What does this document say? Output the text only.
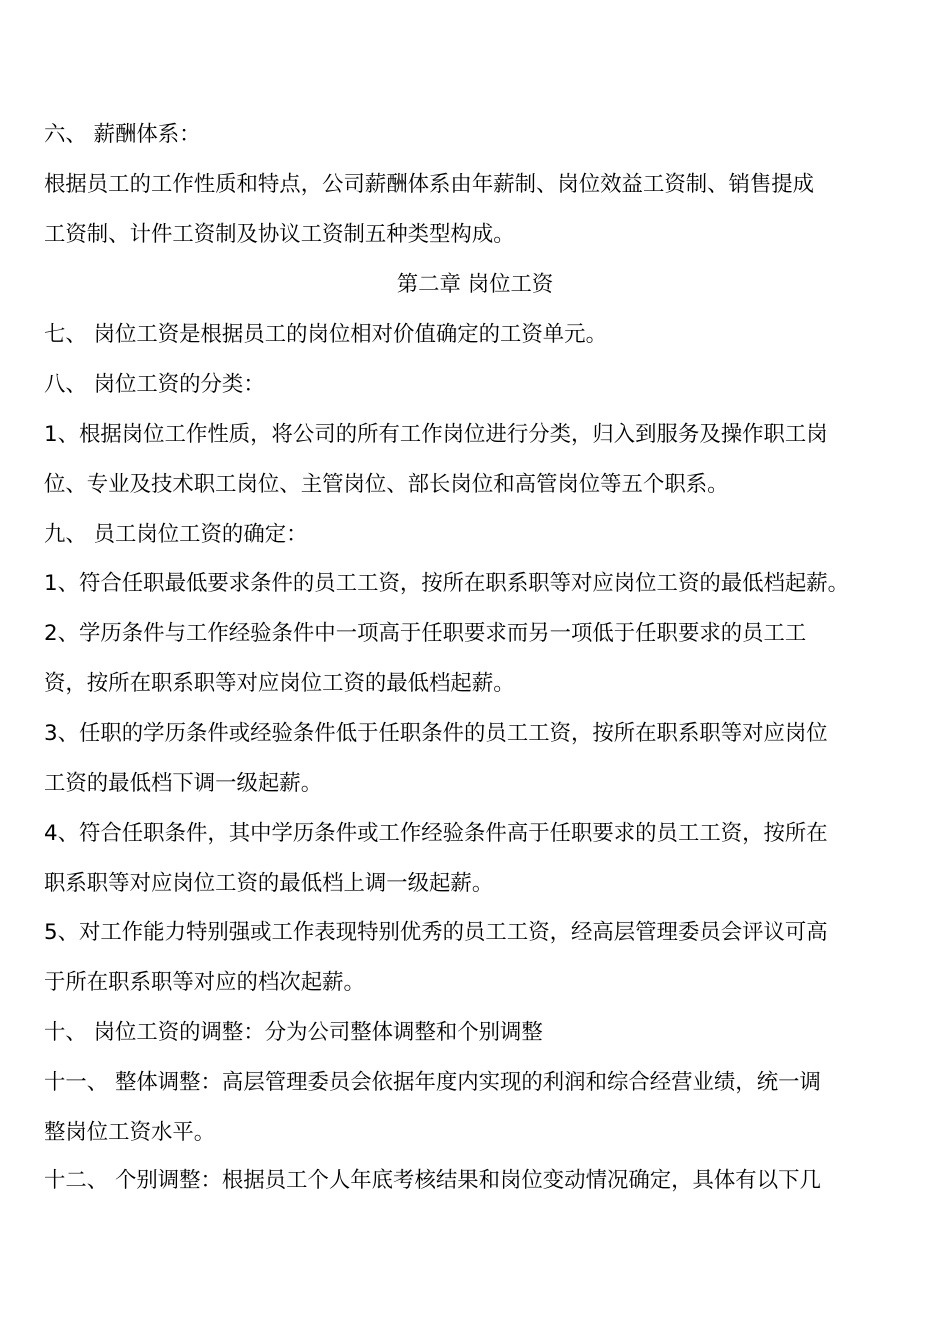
六、 薪酬体系：
根据员工的工作性质和特点，公司薪酬体系由年薪制、岗位效益工资制、销售提成
工资制、计件工资制及协议工资制五种类型构成。
第二章 岗位工资
七、 岗位工资是根据员工的岗位相对价值确定的工资单元。
八、 岗位工资的分类：
1、根据岗位工作性质，将公司的所有工作岗位进行分类，归入到服务及操作职工岗
位、专业及技术职工岗位、主管岗位、部长岗位和高管岗位等五个职系。
九、 员工岗位工资的确定：
1、符合任职最低要求条件的员工工资，按所在职系职等对应岗位工资的最低档起薪。
2、学历条件与工作经验条件中一项高于任职要求而另一项低于任职要求的员工工
资，按所在职系职等对应岗位工资的最低档起薪。
3、任职的学历条件或经验条件低于任职条件的员工工资，按所在职系职等对应岗位
工资的最低档下调一级起薪。
4、符合任职条件，其中学历条件或工作经验条件高于任职要求的员工工资，按所在
职系职等对应岗位工资的最低档上调一级起薪。
5、对工作能力特别强或工作表现特别优秀的员工工资，经高层管理委员会评议可高
于所在职系职等对应的档次起薪。
十、 岗位工资的调整：分为公司整体调整和个别调整
十一、 整体调整：高层管理委员会依据年度内实现的利润和综合经营业绩，统一调
整岗位工资水平。
十二、 个别调整：根据员工个人年底考核结果和岗位变动情况确定，具体有以下几
